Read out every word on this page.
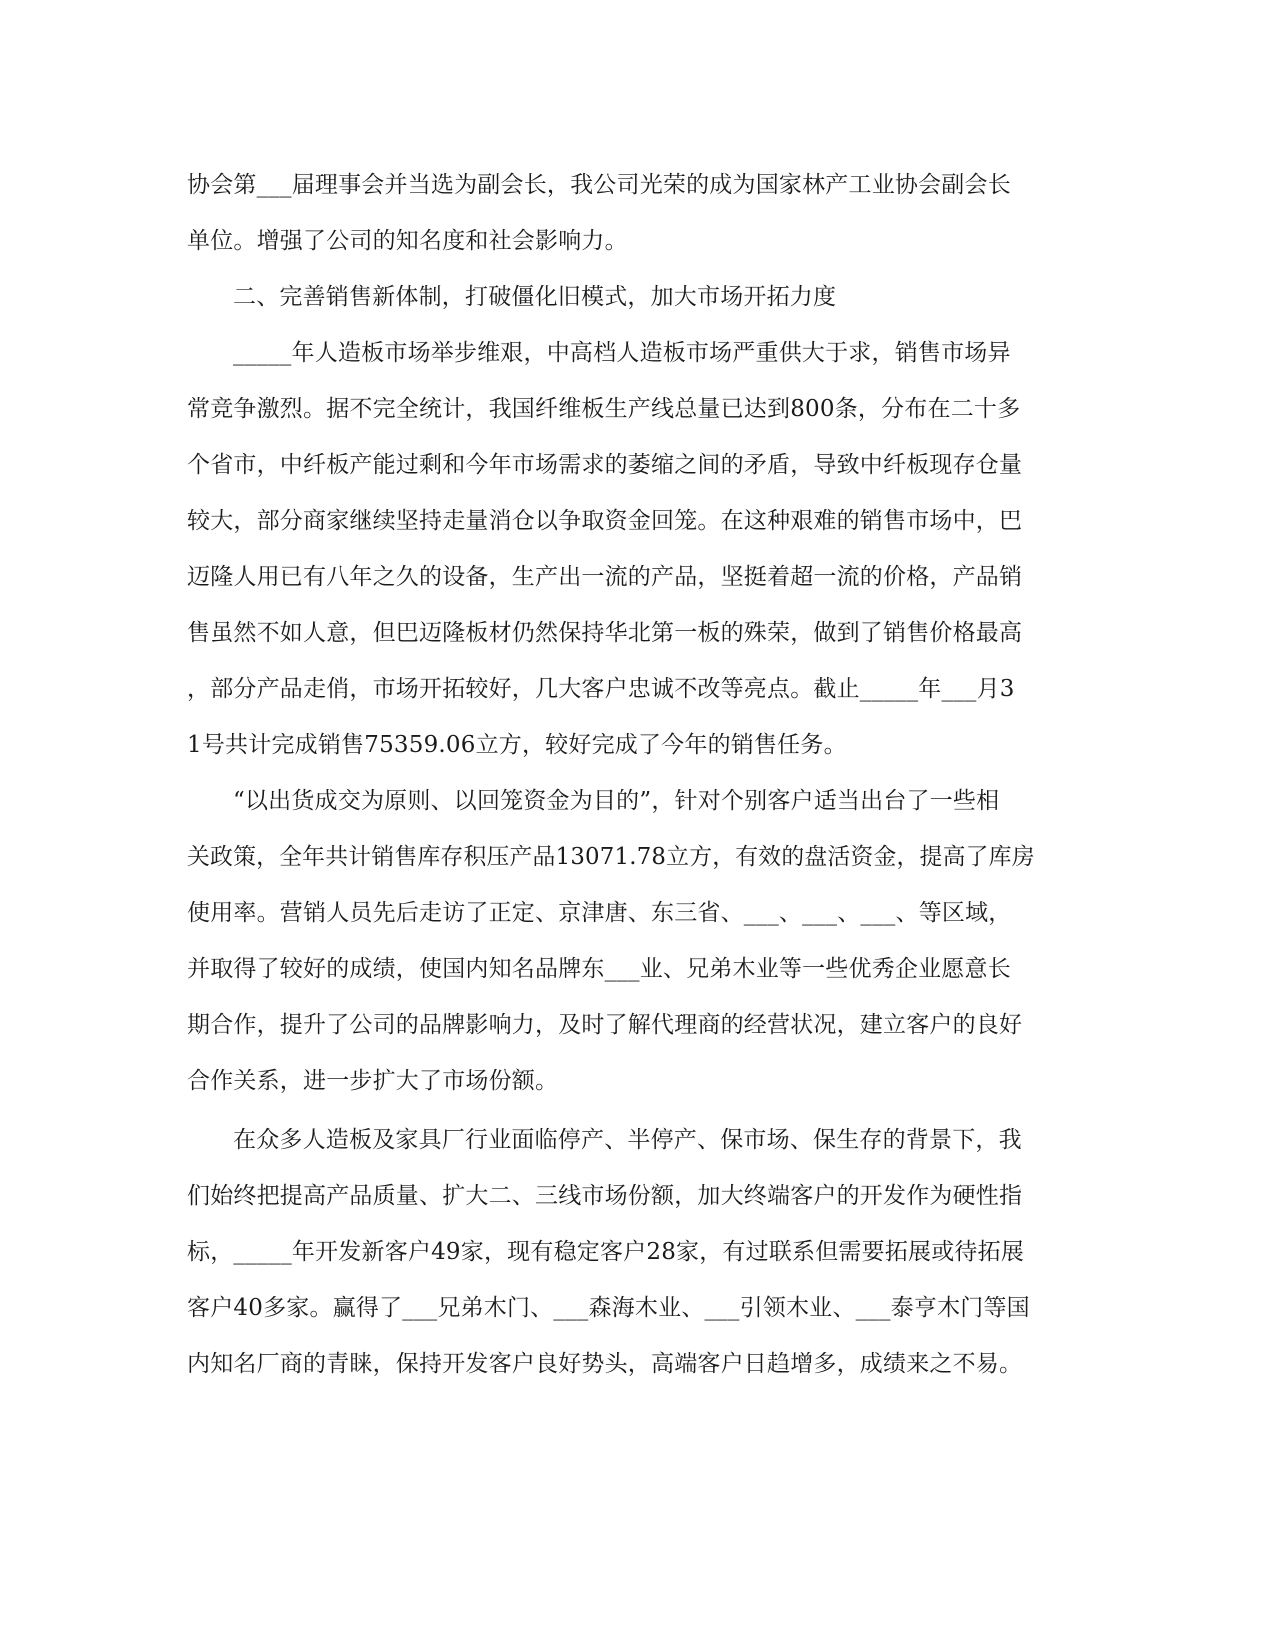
协会第___届理事会并当选为副会长，我公司光荣的成为国家林产工业协会副会长
单位。增强了公司的知名度和社会影响力。
二、完善销售新体制，打破僵化旧模式，加大市场开拓力度
_____年人造板市场举步维艰，中高档人造板市场严重供大于求，销售市场异
常竞争激烈。据不完全统计，我国纤维板生产线总量已达到800条，分布在二十多
个省市，中纤板产能过剩和今年市场需求的萎缩之间的矛盾，导致中纤板现存仓量
较大，部分商家继续坚持走量消仓以争取资金回笼。在这种艰难的销售市场中，巴
迈隆人用已有八年之久的设备，生产出一流的产品，坚挺着超一流的价格，产品销
售虽然不如人意，但巴迈隆板材仍然保持华北第一板的殊荣，做到了销售价格最高
，部分产品走俏，市场开拓较好，几大客户忠诚不改等亮点。截止_____年___月3
1号共计完成销售75359.06立方，较好完成了今年的销售任务。
“以出货成交为原则、以回笼资金为目的”，针对个别客户适当出台了一些相
关政策，全年共计销售库存积压产品13071.78立方，有效的盘活资金，提高了库房
使用率。营销人员先后走访了正定、京津唐、东三省、___、___、___、等区域，
并取得了较好的成绩，使国内知名品牌东___业、兄弟木业等一些优秀企业愿意长
期合作，提升了公司的品牌影响力，及时了解代理商的经营状况，建立客户的良好
合作关系，进一步扩大了市场份额。
在众多人造板及家具厂行业面临停产、半停产、保市场、保生存的背景下，我
们始终把提高产品质量、扩大二、三线市场份额，加大终端客户的开发作为硬性指
标，_____年开发新客户49家，现有稳定客户28家，有过联系但需要拓展或待拓展
客户40多家。赢得了___兄弟木门、___森海木业、___引领木业、___泰亨木门等国
内知名厂商的青睐，保持开发客户良好势头，高端客户日趋增多，成绩来之不易。
